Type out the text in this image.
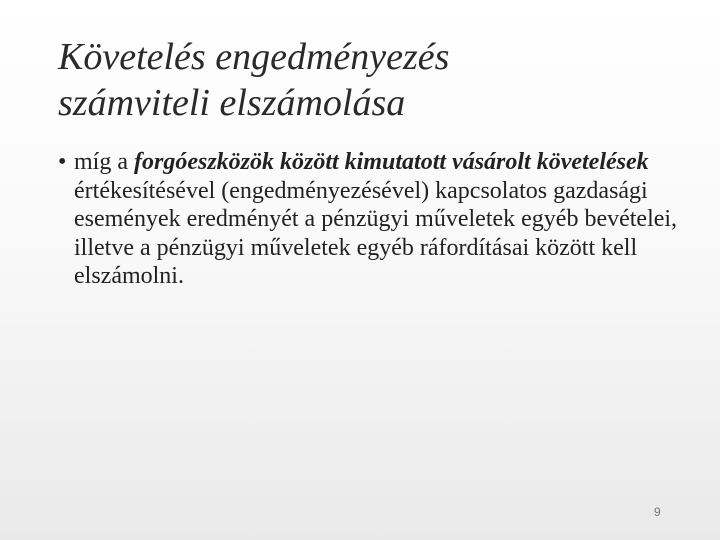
Követelés engedményezés
számviteli elszámolása
• míg a forgóeszközök között kimutatott vásárolt követelések értékesítésével (engedményezésével) kapcsolatos gazdasági események eredményét a pénzügyi műveletek egyéb bevételei, illetve a pénzügyi műveletek egyéb ráfordításai között kell elszámolni.
9
